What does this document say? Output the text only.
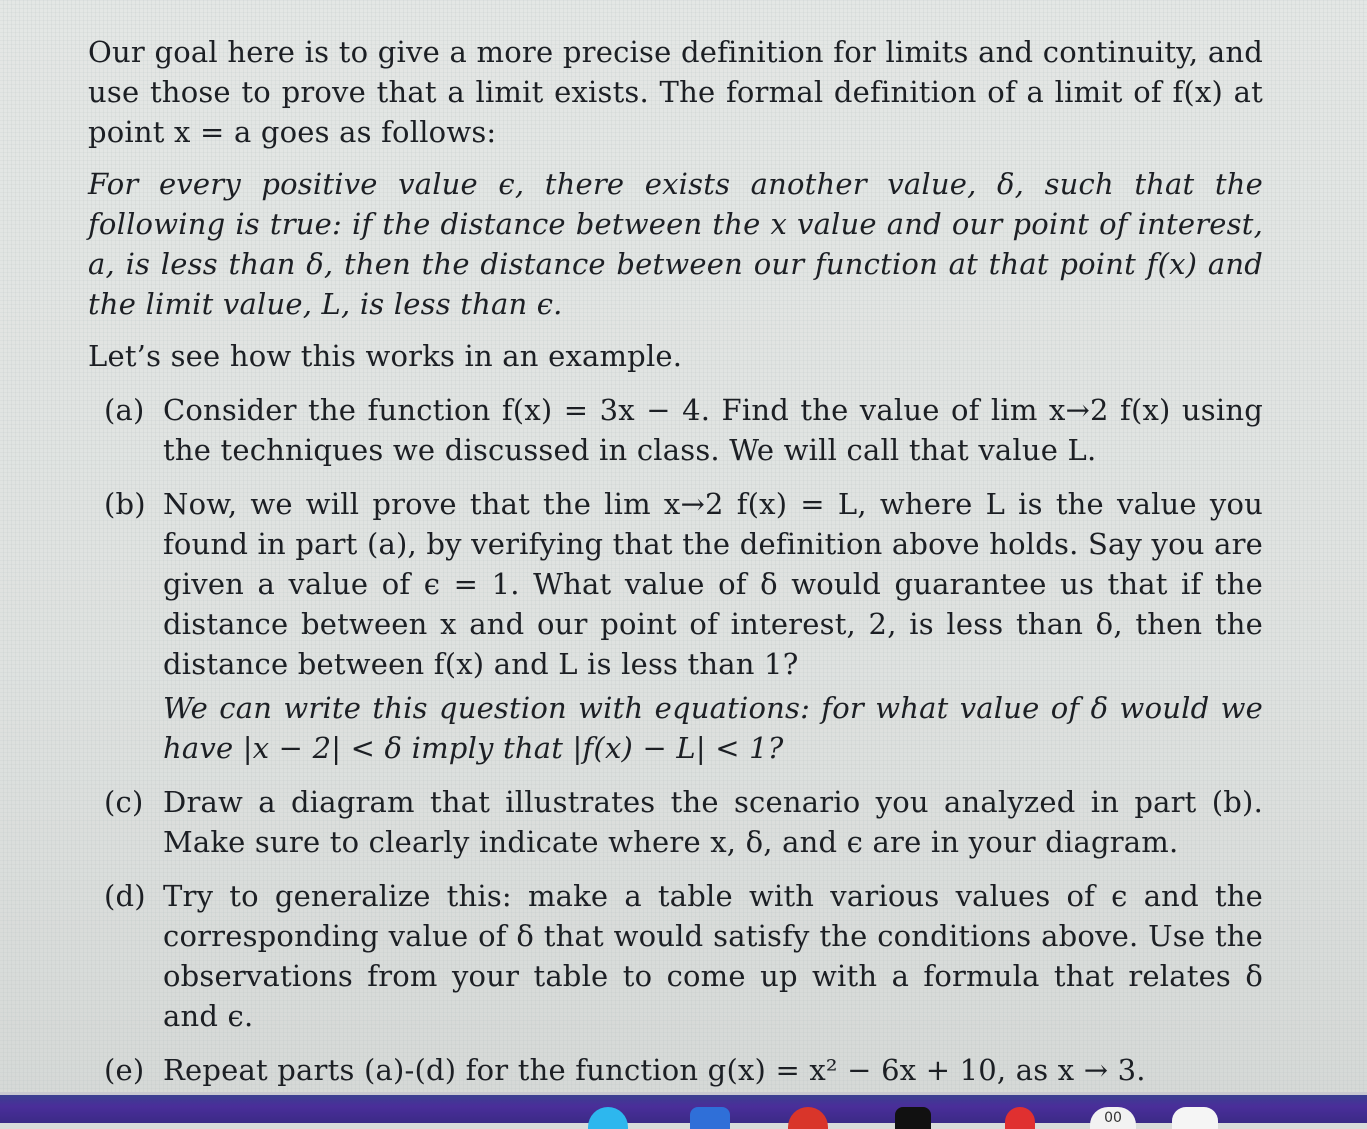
Our goal here is to give a more precise definition for limits and continuity, and use those to prove that a limit exists. The formal definition of a limit of f(x) at point x = a goes as follows:

For every positive value ϵ, there exists another value, δ, such that the following is true: if the distance between the x value and our point of interest, a, is less than δ, then the distance between our function at that point f(x) and the limit value, L, is less than ϵ.

Let’s see how this works in an example.

(a) Consider the function f(x) = 3x − 4. Find the value of lim x→2 f(x) using the techniques we discussed in class. We will call that value L.
(b) Now, we will prove that the lim x→2 f(x) = L, where L is the value you found in part (a), by verifying that the definition above holds. Say you are given a value of ϵ = 1. What value of δ would guarantee us that if the distance between x and our point of interest, 2, is less than δ, then the distance between f(x) and L is less than 1?
We can write this question with equations: for what value of δ would we have |x − 2| < δ imply that |f(x) − L| < 1?
(c) Draw a diagram that illustrates the scenario you analyzed in part (b). Make sure to clearly indicate where x, δ, and ϵ are in your diagram.
(d) Try to generalize this: make a table with various values of ϵ and the corresponding value of δ that would satisfy the conditions above. Use the observations from your table to come up with a formula that relates δ and ϵ.
(e) Repeat parts (a)-(d) for the function g(x) = x² − 6x + 10, as x → 3.
00
